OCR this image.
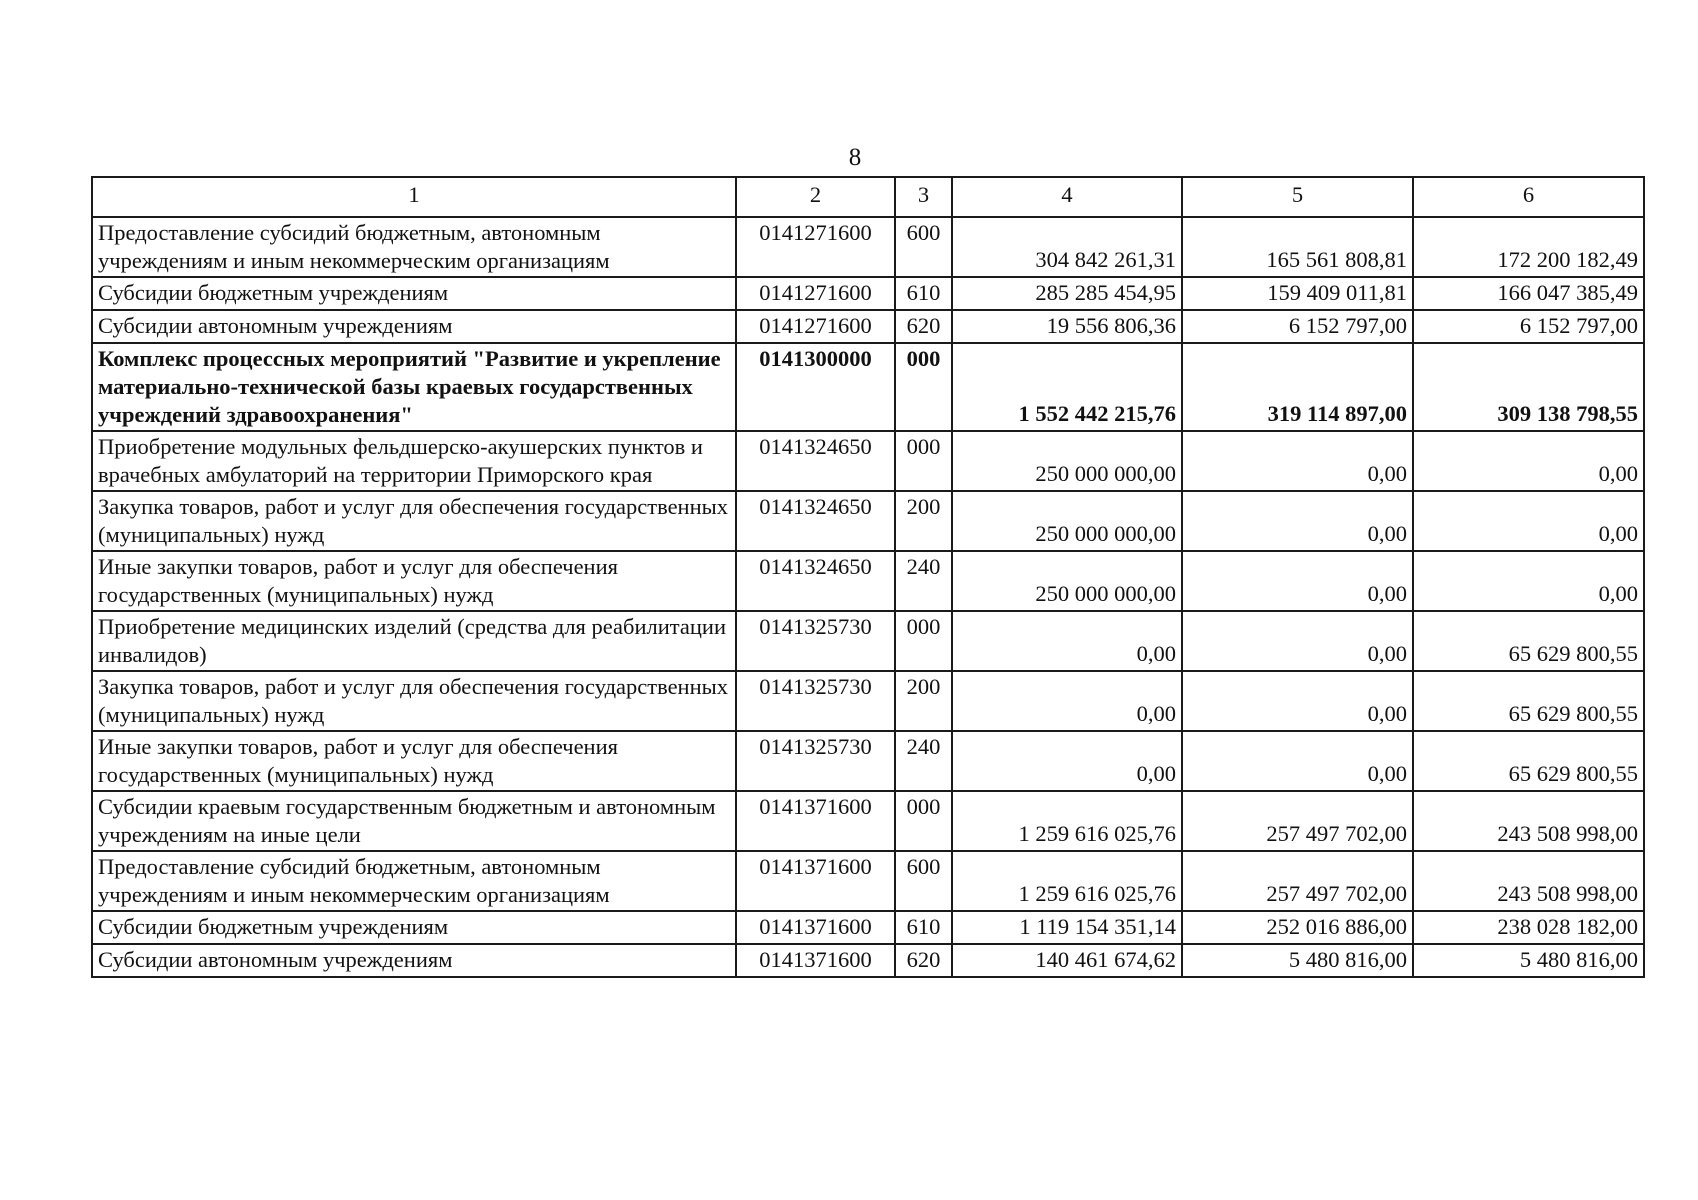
8
1	2	3	4	5	6
Предоставление субсидий бюджетным, автономным учреждениям и иным некоммерческим организациям	0141271600	600	304 842 261,31	165 561 808,81	172 200 182,49
Субсидии бюджетным учреждениям	0141271600	610	285 285 454,95	159 409 011,81	166 047 385,49
Субсидии автономным учреждениям	0141271600	620	19 556 806,36	6 152 797,00	6 152 797,00
Комплекс процессных мероприятий "Развитие и укрепление материально-технической базы краевых государственных учреждений здравоохранения"	0141300000	000	1 552 442 215,76	319 114 897,00	309 138 798,55
Приобретение модульных фельдшерско-акушерских пунктов и врачебных амбулаторий на территории Приморского края	0141324650	000	250 000 000,00	0,00	0,00
Закупка товаров, работ и услуг для обеспечения государственных (муниципальных) нужд	0141324650	200	250 000 000,00	0,00	0,00
Иные закупки товаров, работ и услуг для обеспечения государственных (муниципальных) нужд	0141324650	240	250 000 000,00	0,00	0,00
Приобретение медицинских изделий (средства для реабилитации инвалидов)	0141325730	000	0,00	0,00	65 629 800,55
Закупка товаров, работ и услуг для обеспечения государственных (муниципальных) нужд	0141325730	200	0,00	0,00	65 629 800,55
Иные закупки товаров, работ и услуг для обеспечения государственных (муниципальных) нужд	0141325730	240	0,00	0,00	65 629 800,55
Субсидии краевым государственным бюджетным и автономным учреждениям на иные цели	0141371600	000	1 259 616 025,76	257 497 702,00	243 508 998,00
Предоставление субсидий бюджетным, автономным учреждениям и иным некоммерческим организациям	0141371600	600	1 259 616 025,76	257 497 702,00	243 508 998,00
Субсидии бюджетным учреждениям	0141371600	610	1 119 154 351,14	252 016 886,00	238 028 182,00
Субсидии автономным учреждениям	0141371600	620	140 461 674,62	5 480 816,00	5 480 816,00
